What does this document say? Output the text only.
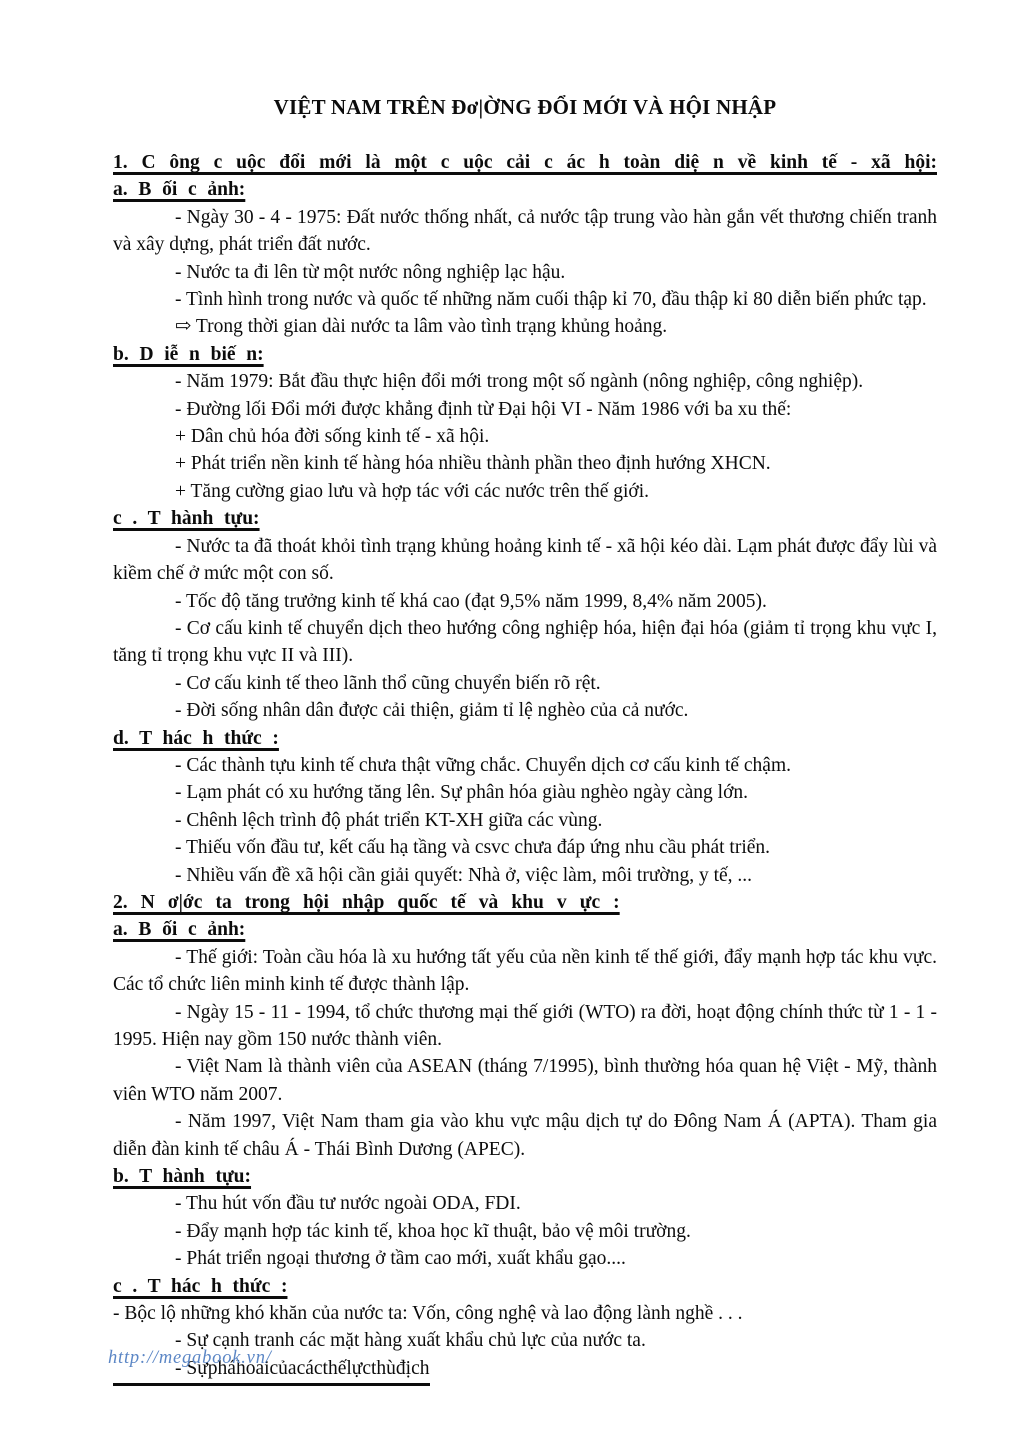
VIỆT NAM TRÊN Đơ|ỜNG ĐỔI MỚI VÀ HỘI NHẬP

1. C ông c uộc đổi mới là một c uộc cải c ác h toàn diệ n về kinh tế - xã hội:

a. B ối c ảnh:

- Ngày 30 - 4 - 1975: Đất nước thống nhất, cả nước tập trung vào hàn gắn vết thương chiến tranh và xây dựng, phát triển đất nước.

- Nước ta đi lên từ một nước nông nghiệp lạc hậu.

- Tình hình trong nước và quốc tế những năm cuối thập kỉ 70, đầu thập kỉ 80 diễn biến phức tạp.

⇨ Trong thời gian dài nước ta lâm vào tình trạng khủng hoảng.

b. D iễ n biế n:

- Năm 1979: Bắt đầu thực hiện đổi mới trong một số ngành (nông nghiệp, công nghiệp).

- Đường lối Đổi mới được khẳng định từ Đại hội VI - Năm 1986 với ba xu thế:

+ Dân chủ hóa đời sống kinh tế - xã hội.

+ Phát triển nền kinh tế hàng hóa nhiều thành phần theo định hướng XHCN.

+ Tăng cường giao lưu và hợp tác với các nước trên thế giới.

c . T hành tựu:

- Nước ta đã thoát khỏi tình trạng khủng hoảng kinh tế - xã hội kéo dài. Lạm phát được đẩy lùi và kiềm chế ở mức một con số.

- Tốc độ tăng trưởng kinh tế khá cao (đạt 9,5% năm 1999, 8,4% năm 2005).

- Cơ cấu kinh tế chuyển dịch theo hướng công nghiệp hóa, hiện đại hóa (giảm tỉ trọng khu vực I, tăng tỉ trọng khu vực II và III).

- Cơ cấu kinh tế theo lãnh thổ cũng chuyển biến rõ rệt.

- Đời sống nhân dân được cải thiện, giảm tỉ lệ nghèo của cả nước.

d. T hác h thức :

- Các thành tựu kinh tế chưa thật vững chắc. Chuyển dịch cơ cấu kinh tế chậm.

- Lạm phát có xu hướng tăng lên. Sự phân hóa giàu nghèo ngày càng lớn.

- Chênh lệch trình độ phát triển KT-XH giữa các vùng.

- Thiếu vốn đầu tư, kết cấu hạ tầng và csvc chưa đáp ứng nhu cầu phát triển.

- Nhiều vấn đề xã hội cần giải quyết: Nhà ở, việc làm, môi trường, y tế, ...

2. N ơ|ớc ta trong hội nhập quốc tế và khu v ực :

a. B ối c ảnh:

- Thế giới: Toàn cầu hóa là xu hướng tất yếu của nền kinh tế thế giới, đẩy mạnh hợp tác khu vực. Các tổ chức liên minh kinh tế được thành lập.

- Ngày 15 - 11 - 1994, tổ chức thương mại thế giới (WTO) ra đời, hoạt động chính thức từ 1 - 1 - 1995. Hiện nay gồm 150 nước thành viên.

- Việt Nam là thành viên của ASEAN (tháng 7/1995), bình thường hóa quan hệ Việt - Mỹ, thành viên WTO năm 2007.

- Năm 1997, Việt Nam tham gia vào khu vực mậu dịch tự do Đông Nam Á (APTA). Tham gia diễn đàn kinh tế châu Á - Thái Bình Dương (APEC).

b. T hành tựu:

- Thu hút vốn đầu tư nước ngoài ODA, FDI.

- Đẩy mạnh hợp tác kinh tế, khoa học kĩ thuật, bảo vệ môi trường.

- Phát triển ngoại thương ở tầm cao mới, xuất khẩu gạo....

c . T hác h thức :

- Bộc lộ những khó khăn của nước ta: Vốn, công nghệ và lao động lành nghề . . .

- Sự cạnh tranh các mặt hàng xuất khẩu chủ lực của nước ta.

- Sựpháhoaicủacácthếlựcthùđịch

http://megabook.vn/
